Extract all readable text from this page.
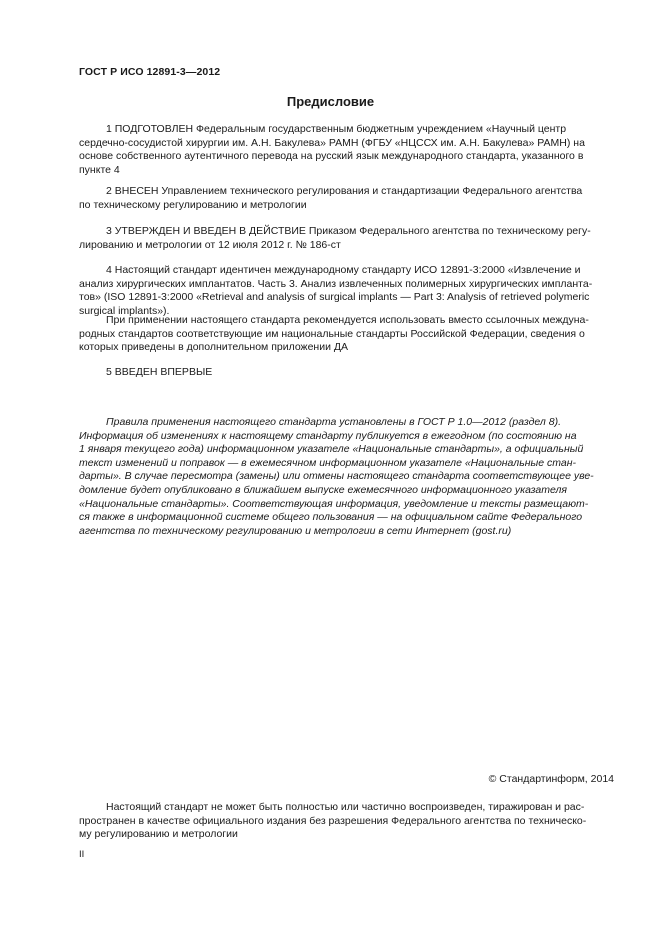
ГОСТ Р ИСО 12891-3—2012
Предисловие
1 ПОДГОТОВЛЕН Федеральным государственным бюджетным учреждением «Научный центр
сердечно-сосудистой хирургии им. А.Н. Бакулева» РАМН (ФГБУ «НЦССХ им. А.Н. Бакулева» РАМН) на
основе собственного аутентичного перевода на русский язык международного стандарта, указанного в
пункте 4
2 ВНЕСЕН Управлением технического регулирования и стандартизации Федерального агентства
по техническому регулированию и метрологии
3 УТВЕРЖДЕН И ВВЕДЕН В ДЕЙСТВИЕ Приказом Федерального агентства по техническому регу-
лированию и метрологии от 12 июля 2012 г. № 186-ст
4 Настоящий стандарт идентичен международному стандарту ИСО 12891-3:2000 «Извлечение и
анализ хирургических имплантатов. Часть 3. Анализ извлеченных полимерных хирургических импланта-
тов» (ISO 12891-3:2000 «Retrieval and analysis of surgical implants — Part 3: Analysis of retrieved polymeric
surgical implants»).
При применении настоящего стандарта рекомендуется использовать вместо ссылочных междуна-
родных стандартов соответствующие им национальные стандарты Российской Федерации, сведения о
которых приведены в дополнительном приложении ДА
5 ВВЕДЕН ВПЕРВЫЕ
Правила применения настоящего стандарта установлены в ГОСТ Р 1.0—2012 (раздел 8).
Информация об изменениях к настоящему стандарту публикуется в ежегодном (по состоянию на
1 января текущего года) информационном указателе «Национальные стандарты», а официальный
текст изменений и поправок — в ежемесячном информационном указателе «Национальные стан-
дарты». В случае пересмотра (замены) или отмены настоящего стандарта соответствующее уве-
домление будет опубликовано в ближайшем выпуске ежемесячного информационного указателя
«Национальные стандарты». Соответствующая информация, уведомление и тексты размещают-
ся также в информационной системе общего пользования — на официальном сайте Федерального
агентства по техническому регулированию и метрологии в сети Интернет (gost.ru)
© Стандартинформ, 2014
Настоящий стандарт не может быть полностью или частично воспроизведен, тиражирован и рас-
пространен в качестве официального издания без разрешения Федерального агентства по техническо-
му регулированию и метрологии
II
